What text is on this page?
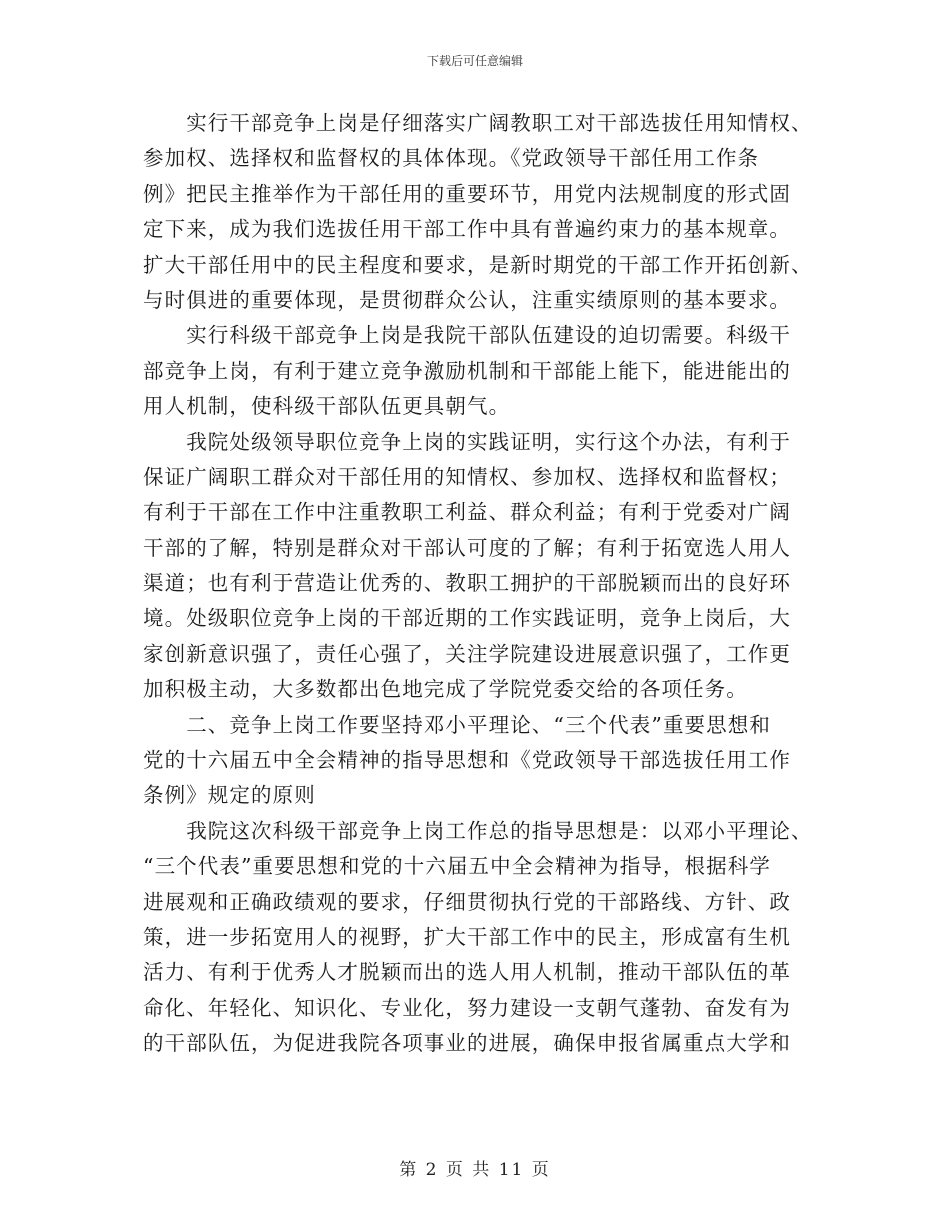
下载后可任意编辑
　　实行干部竞争上岗是仔细落实广阔教职工对干部选拔任用知情权、
参加权、选择权和监督权的具体体现。《党政领导干部任用工作条
例》把民主推举作为干部任用的重要环节，用党内法规制度的形式固
定下来，成为我们选拔任用干部工作中具有普遍约束力的基本规章。
扩大干部任用中的民主程度和要求，是新时期党的干部工作开拓创新、
与时俱进的重要体现，是贯彻群众公认，注重实绩原则的基本要求。
　　实行科级干部竞争上岗是我院干部队伍建设的迫切需要。科级干
部竞争上岗，有利于建立竞争激励机制和干部能上能下，能进能出的
用人机制，使科级干部队伍更具朝气。
　　我院处级领导职位竞争上岗的实践证明，实行这个办法，有利于
保证广阔职工群众对干部任用的知情权、参加权、选择权和监督权；
有利于干部在工作中注重教职工利益、群众利益；有利于党委对广阔
干部的了解，特别是群众对干部认可度的了解；有利于拓宽选人用人
渠道；也有利于营造让优秀的、教职工拥护的干部脱颖而出的良好环
境。处级职位竞争上岗的干部近期的工作实践证明，竞争上岗后，大
家创新意识强了，责任心强了，关注学院建设进展意识强了，工作更
加积极主动，大多数都出色地完成了学院党委交给的各项任务。
　　二、竞争上岗工作要坚持邓小平理论、“三个代表”重要思想和
党的十六届五中全会精神的指导思想和《党政领导干部选拔任用工作
条例》规定的原则
　　我院这次科级干部竞争上岗工作总的指导思想是：以邓小平理论、
“三个代表”重要思想和党的十六届五中全会精神为指导，根据科学
进展观和正确政绩观的要求，仔细贯彻执行党的干部路线、方针、政
策，进一步拓宽用人的视野，扩大干部工作中的民主，形成富有生机
活力、有利于优秀人才脱颖而出的选人用人机制，推动干部队伍的革
命化、年轻化、知识化、专业化，努力建设一支朝气蓬勃、奋发有为
的干部队伍，为促进我院各项事业的进展，确保申报省属重点大学和
第 2 页 共 11 页
